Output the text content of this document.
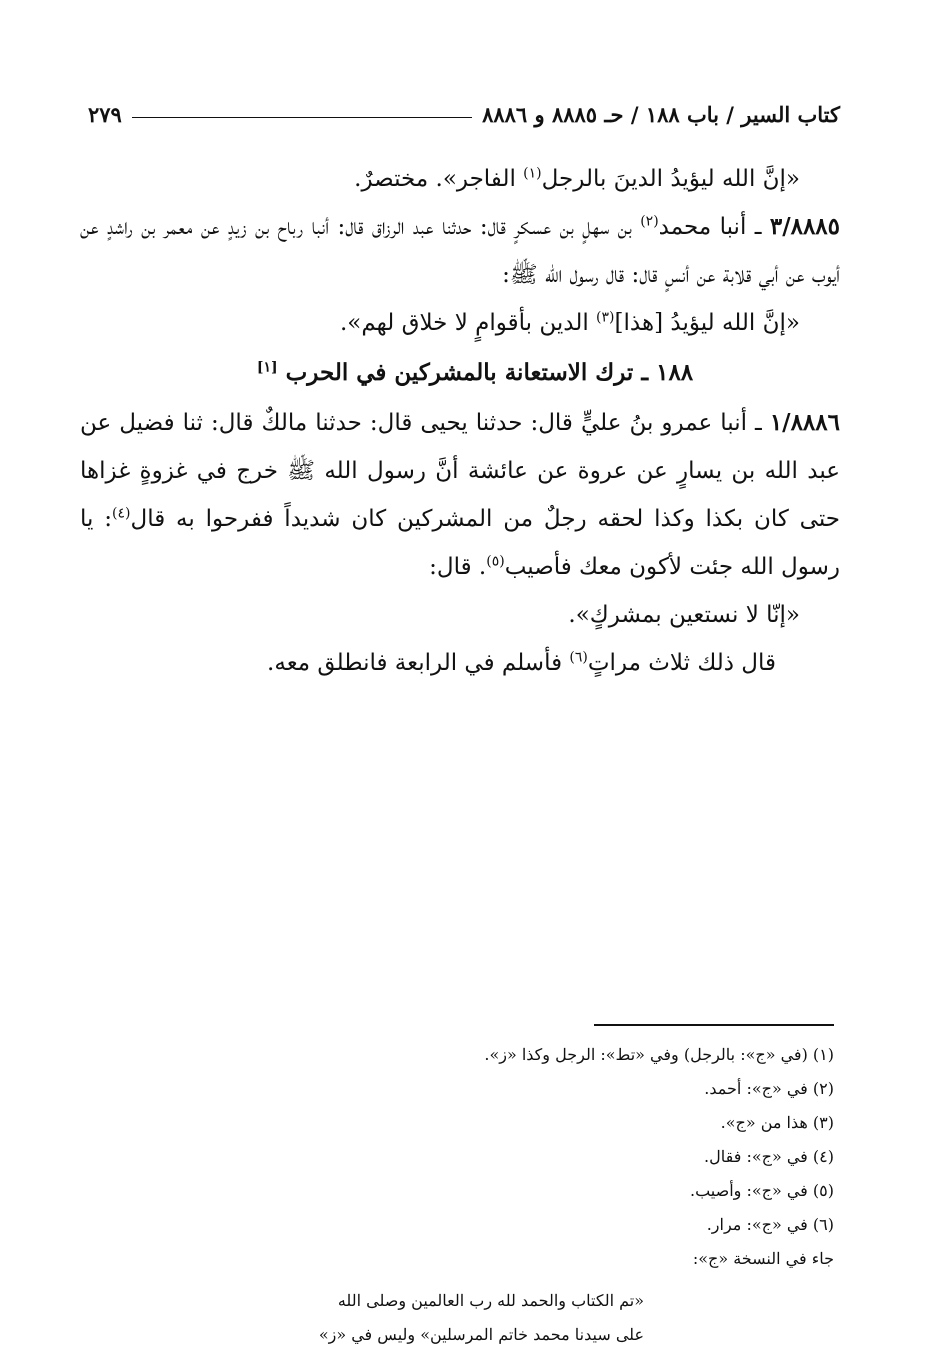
كتاب السير / باب ١٨٨ / حـ ٨٨٨٥ و ٨٨٨٦
٢٧٩

«إنَّ الله ليؤيدُ الدينَ بالرجل$^{(١)}$ الفاجر». مختصرٌ.

٣/٨٨٨٥ ـ أنبا محمد$^{(٢)}$ بن سهلٍ بن عسكرٍ قال: حدثنا عبد الرزاق قال: أنبا رباح بن زيدٍ عن معمر بن راشدٍ عن أيوب عن أبي قلابة عن أنسٍ قال: قال رسول الله ﷺ:

«إنَّ الله ليؤيدُ [هذا]$^{(٣)}$ الدين بأقوامٍ لا خلاق لهم».

١٨٨ ـ ترك الاستعانة بالمشركين في الحرب [١]

١/٨٨٨٦ ـ أنبا عمرو بنُ عليٍّ قال: حدثنا يحيى قال: حدثنا مالكٌ قال: ثنا فضيل عن عبد الله بن يسارٍ عن عروة عن عائشة أنَّ رسول الله ﷺ خرج في غزوةٍ غزاها حتى كان بكذا وكذا لحقه رجلٌ من المشركين كان شديداً ففرحوا به قال$^{(٤)}$: يا رسول الله جئت لأكون معك فأصيب$^{(٥)}$. قال:

«إنّا لا نستعين بمشركٍ».

قال ذلك ثلاث مراتٍ$^{(٦)}$ فأسلم في الرابعة فانطلق معه.

(١) (في «ج»: بالرجل) وفي «تط»: الرجل وكذا «ز».

(٢) في «ج»: أحمد.

(٣) هذا من «ج».

(٤) في «ج»: فقال.

(٥) في «ج»: وأصيب.

(٦) في «ج»: مرار.

جاء في النسخة «ج»:

«تم الكتاب والحمد لله رب العالمين وصلى الله

على سيدنا محمد خاتم المرسلين» وليس في «ز»
